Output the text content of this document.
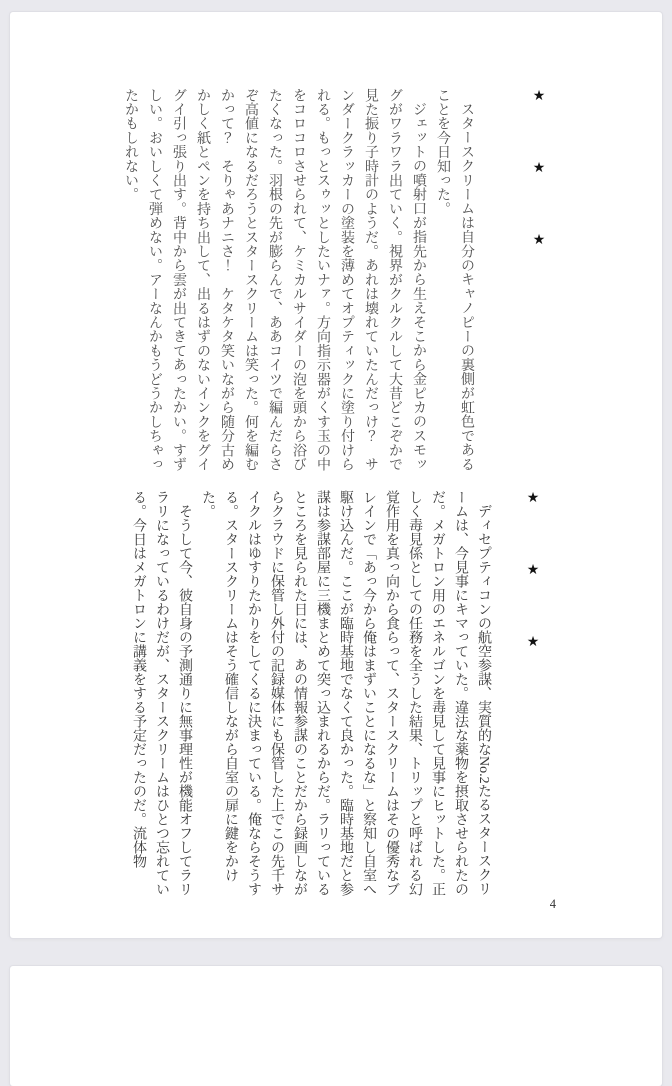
★★★

スタースクリームは自分のキャノピーの裏側が虹色であることを今日知った。

ジェットの噴射口が指先から生えそこから金ピカのスモッグがワラワラ出ていく。視界がクルクルして大昔どこぞかで見た振り子時計のようだ。あれは壊れていたんだっけ？　サンダークラッカーの塗装を薄めてオプティックに塗り付けられる。もっとスゥッとしたいナァ。方向指示器がくす玉の中をコロコロさせられて、ケミカルサイダーの泡を頭から浴びたくなった。羽根の先が膨らんで、ああコイツで編んだらさぞ高値になるだろうとスタースクリームは笑った。何を編むかって？　そりゃあナニさ！　ケタケタ笑いながら随分古めかしく紙とペンを持ち出して、出るはずのないインクをグイグイ引っ張り出す。背中から雲が出てきてあったかい。すずしい。おいしくて弾めない。アーなんかもうどうかしちゃったかもしれない。

★★★

ディセプティコンの航空参謀、実質的なNo.2たるスタースクリームは、今見事にキマっていた。違法な薬物を摂取させられたのだ。メガトロン用のエネルゴンを毒見して見事にヒットした。正しく毒見係としての任務を全うした結果、トリップと呼ばれる幻覚作用を真っ向から食らって、スタースクリームはその優秀なブレインで「あっ今から俺はまずいことになるな」と察知し自室へ駆け込んだ。ここが臨時基地でなくて良かった。臨時基地だと参謀は参謀部屋に三機まとめて突っ込まれるからだ。ラリっているところを見られた日には、あの情報参謀のことだから録画しながらクラウドに保管し外付の記録媒体にも保管した上でこの先千サイクルはゆすりたかりをしてくるに決まっている。俺ならそうする。スタースクリームはそう確信しながら自室の扉に鍵をかけた。

そうして今、彼自身の予測通りに無事理性が機能オフしてラリラリになっているわけだが、スタースクリームはひとつ忘れている。今日はメガトロンに講義をする予定だったのだ。流体物

4
